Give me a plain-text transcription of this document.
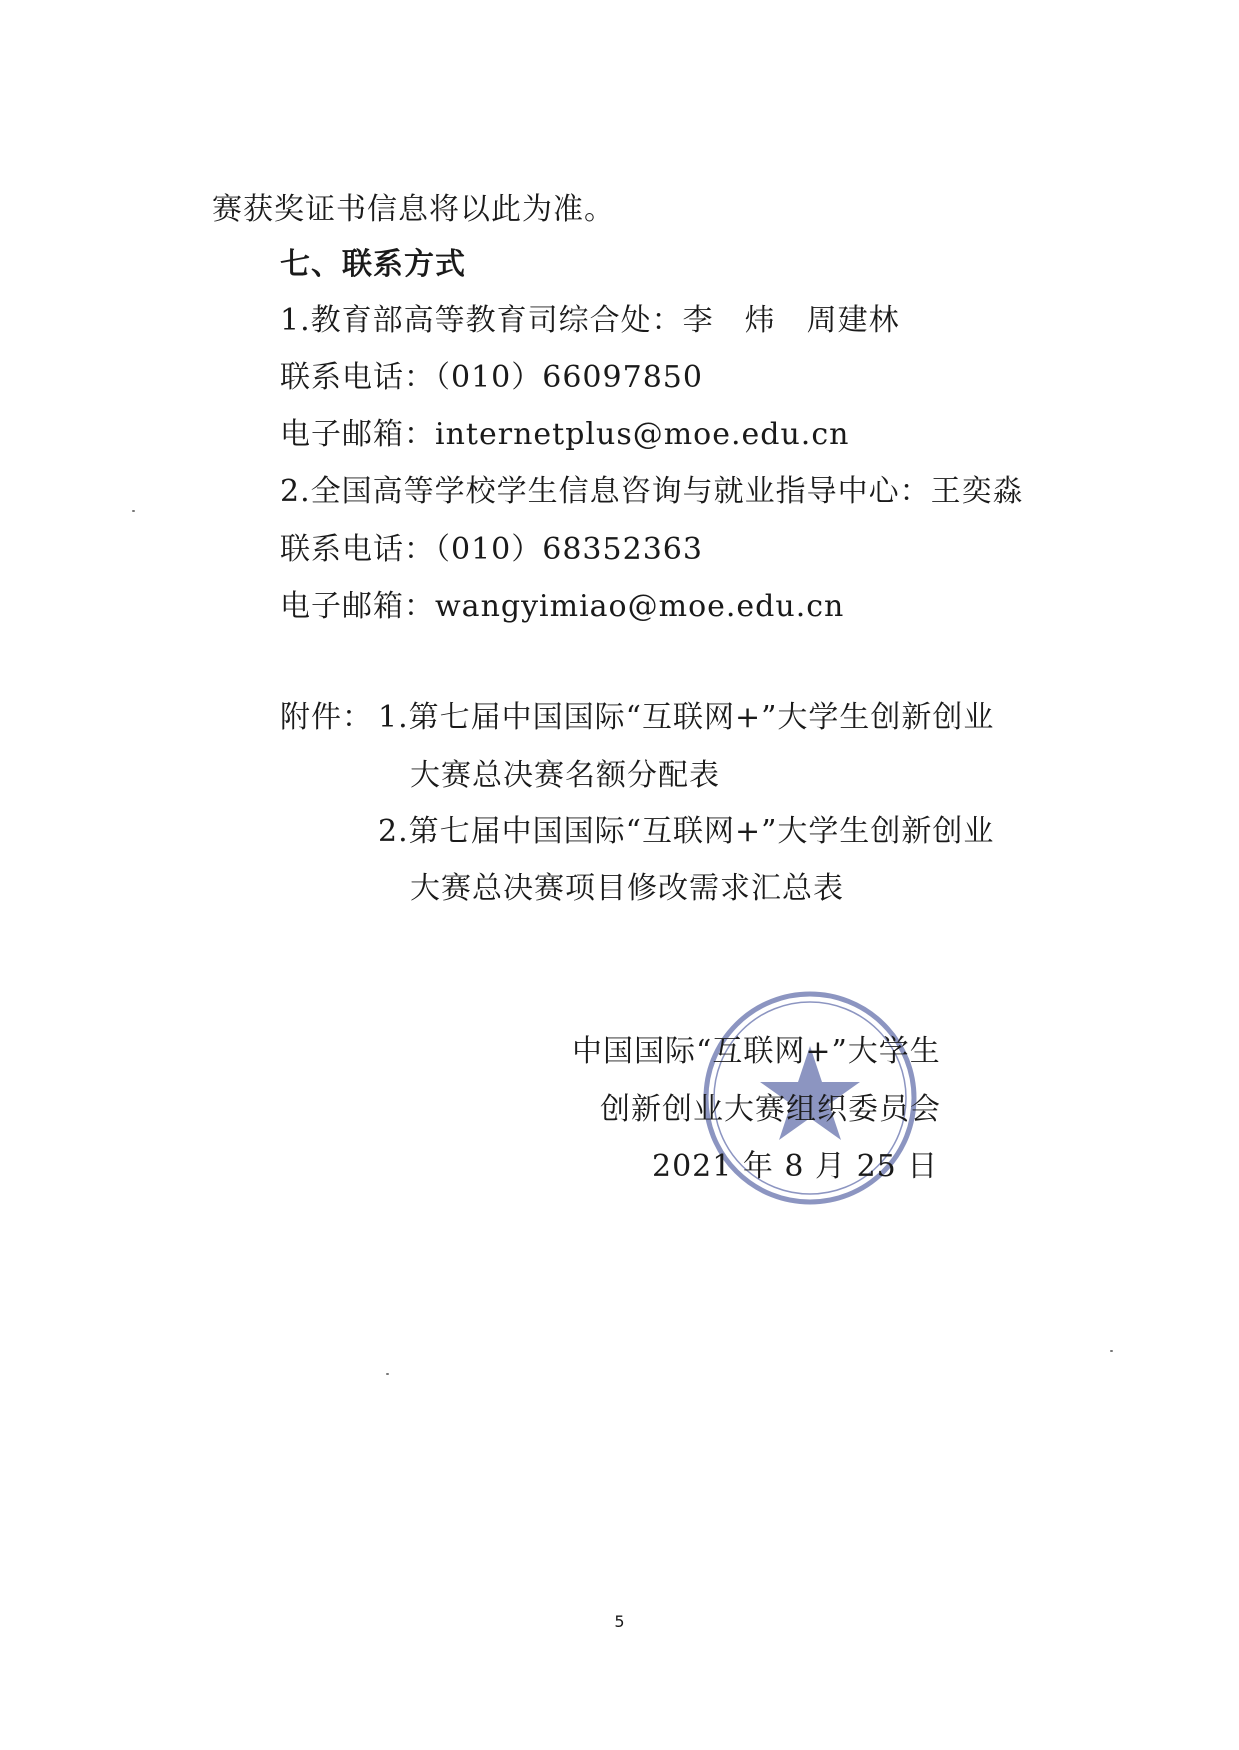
赛获奖证书信息将以此为准。
七、联系方式
1.教育部高等教育司综合处：李　炜　周建林
联系电话：（010）66097850
电子邮箱：internetplus@moe.edu.cn
2.全国高等学校学生信息咨询与就业指导中心：王奕淼
联系电话：（010）68352363
电子邮箱：wangyimiao@moe.edu.cn
附件： 1.第七届中国国际“互联网+”大学生创新创业
大赛总决赛名额分配表
2.第七届中国国际“互联网+”大学生创新创业
大赛总决赛项目修改需求汇总表
中国国际“互联网+”大学生
创新创业大赛组织委员会
2021 年 8 月 25 日
5
